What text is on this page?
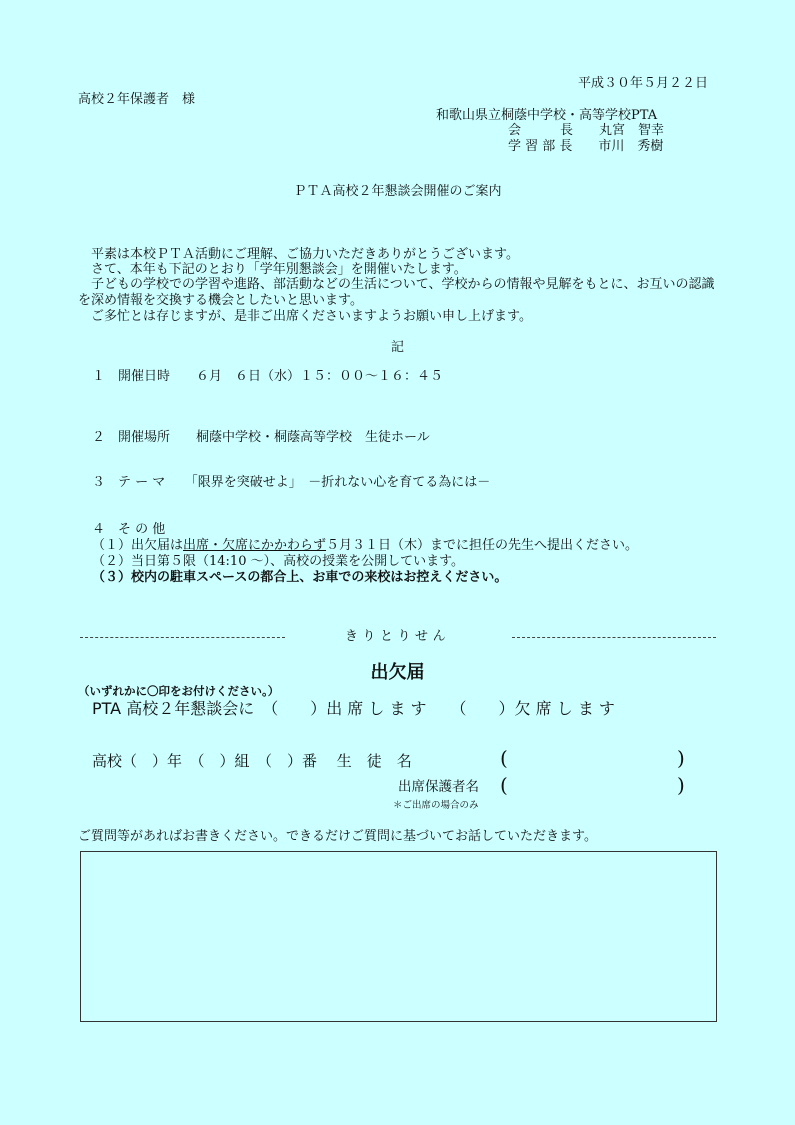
平成３０年５月２２日
高校２年保護者　様
和歌山県立桐蔭中学校・高等学校PTA
会　　　長　　丸宮　智幸
学 習 部 長　　市川　秀樹
ＰＴＡ高校２年懇談会開催のご案内
　平素は本校ＰＴＡ活動にご理解、ご協力いただきありがとうございます。
　さて、本年も下記のとおり「学年別懇談会」を開催いたします。
　子どもの学校での学習や進路、部活動などの生活について、学校からの情報や見解をもとに、お互いの認識を深め情報を交換する機会としたいと思います。
　ご多忙とは存じますが、是非ご出席くださいますようお願い申し上げます。
記
１　開催日時　　６月　６日（水）１５：００～１６：４５
２　開催場所　　桐蔭中学校・桐蔭高等学校　生徒ホール
３　テ ー マ　　「限界を突破せよ」　－折れない心を育てる為には－
４　そ の 他
（１）出欠届は出席・欠席にかかわらず５月３１日（木）までに担任の先生へ提出ください。
（２）当日第５限（14:10 ～）、高校の授業を公開しています。
（３）校内の駐車スペースの都合上、お車での来校はお控えください。
きりとりせん
出欠届
（いずれかに〇印をお付けください。）
PTA 高校２年懇談会に　（　　）出 席 し ま す　　（　　）欠 席 し ま す
高校（　）年　（　）組　（　）番　 生　徒　名	(	)
出席保護者名 (	)
＊ご出席の場合のみ
ご質問等があればお書きください。できるだけご質問に基づいてお話していただきます。
